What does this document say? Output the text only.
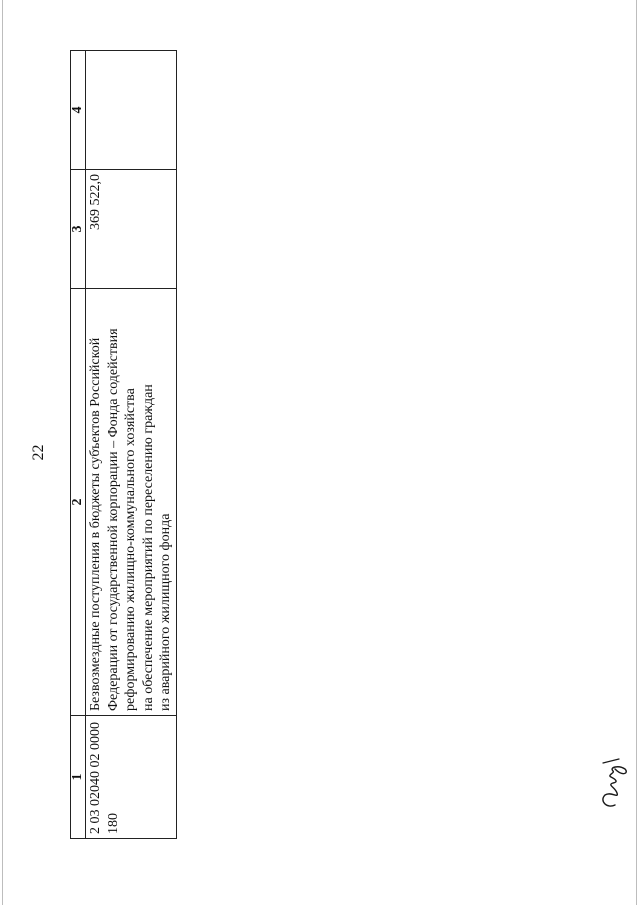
22
1	2	3	4
2 03 02040 02 0000 180	Безвозмездные поступления в бюджеты субъектов Российской Федерации от государственной корпорации – Фонда содействия реформированию жилищно-коммунального хозяйства на обеспечение мероприятий по переселению граждан из аварийного жилищного фонда	369 522,0	
